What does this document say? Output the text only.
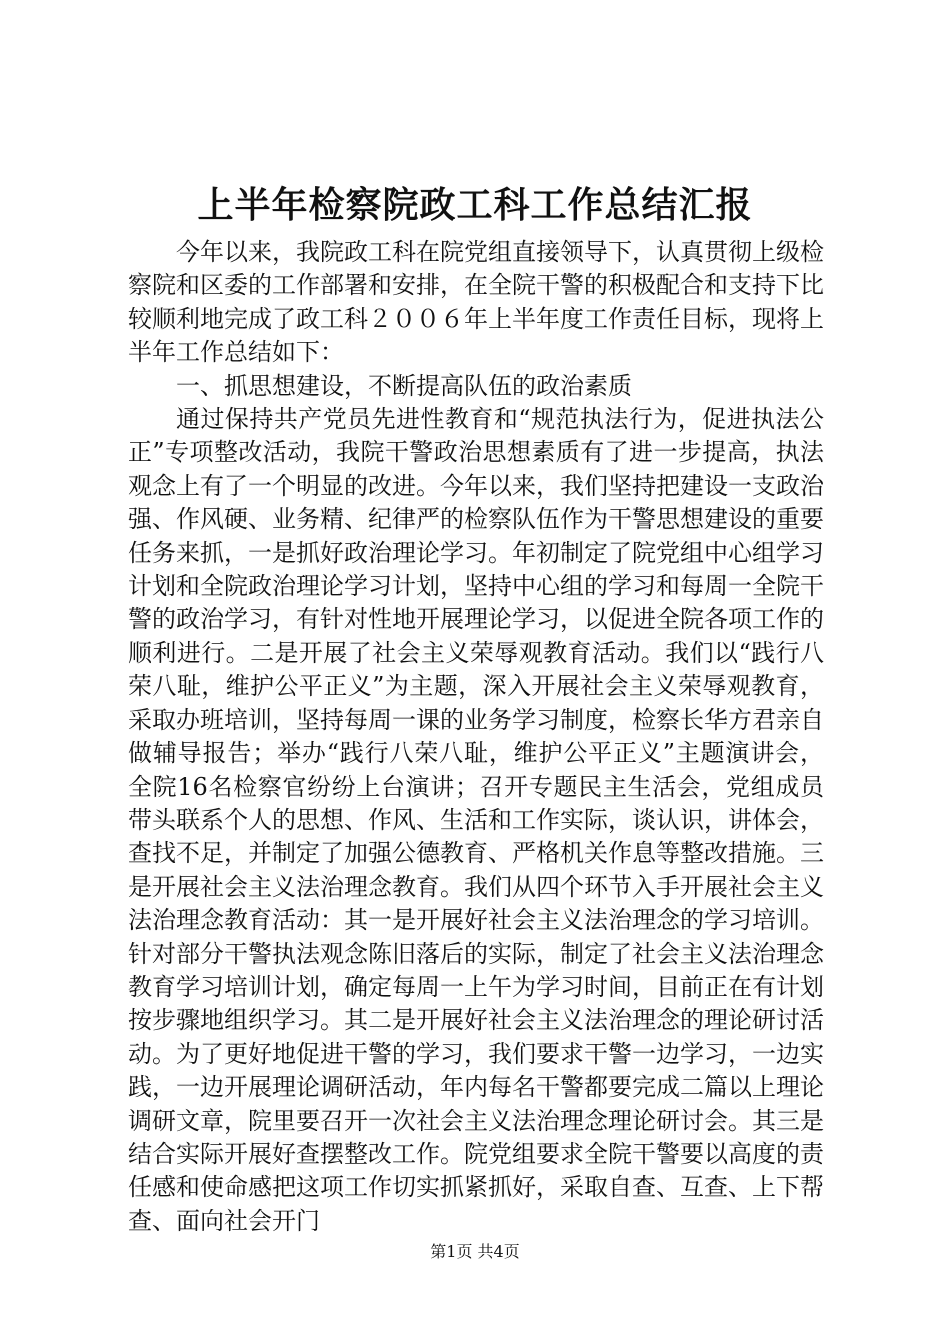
上半年检察院政工科工作总结汇报

今年以来，我院政工科在院党组直接领导下，认真贯彻上级检察院和区委的工作部署和安排，在全院干警的积极配合和支持下比较顺利地完成了政工科２００６年上半年度工作责任目标，现将上半年工作总结如下：

一、抓思想建设，不断提高队伍的政治素质

通过保持共产党员先进性教育和“规范执法行为，促进执法公正”专项整改活动，我院干警政治思想素质有了进一步提高，执法观念上有了一个明显的改进。今年以来，我们坚持把建设一支政治强、作风硬、业务精、纪律严的检察队伍作为干警思想建设的重要任务来抓，一是抓好政治理论学习。年初制定了院党组中心组学习计划和全院政治理论学习计划，坚持中心组的学习和每周一全院干警的政治学习，有针对性地开展理论学习，以促进全院各项工作的顺利进行。二是开展了社会主义荣辱观教育活动。我们以“践行八荣八耻，维护公平正义”为主题，深入开展社会主义荣辱观教育，采取办班培训，坚持每周一课的业务学习制度，检察长华方君亲自做辅导报告；举办“践行八荣八耻，维护公平正义”主题演讲会，全院16名检察官纷纷上台演讲；召开专题民主生活会，党组成员带头联系个人的思想、作风、生活和工作实际，谈认识，讲体会，查找不足，并制定了加强公德教育、严格机关作息等整改措施。三是开展社会主义法治理念教育。我们从四个环节入手开展社会主义法治理念教育活动：其一是开展好社会主义法治理念的学习培训。针对部分干警执法观念陈旧落后的实际，制定了社会主义法治理念教育学习培训计划，确定每周一上午为学习时间，目前正在有计划按步骤地组织学习。其二是开展好社会主义法治理念的理论研讨活动。为了更好地促进干警的学习，我们要求干警一边学习，一边实践，一边开展理论调研活动，年内每名干警都要完成二篇以上理论调研文章，院里要召开一次社会主义法治理念理论研讨会。其三是结合实际开展好查摆整改工作。院党组要求全院干警要以高度的责任感和使命感把这项工作切实抓紧抓好，采取自查、互查、上下帮查、面向社会开门

第1页 共4页
